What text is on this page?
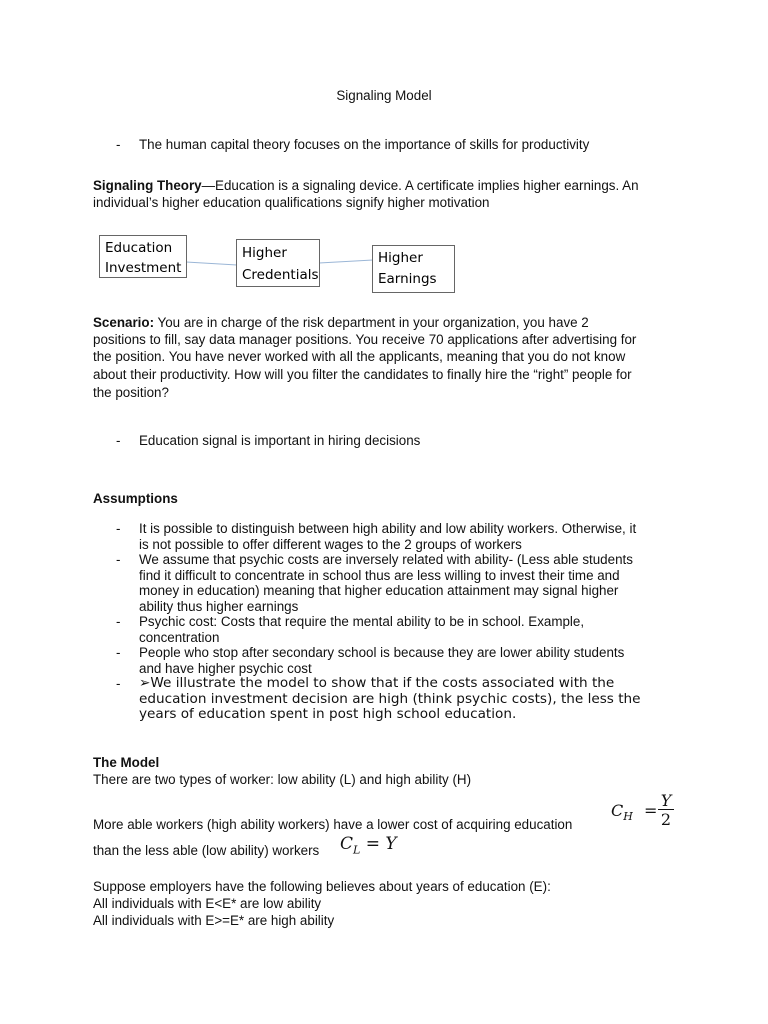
Signaling Model
- The human capital theory focuses on the importance of skills for productivity
Signaling Theory—Education is a signaling device. A certificate implies higher earnings. An
individual’s higher education qualifications signify higher motivation
Education
Investment
Higher
Credentials
Higher
Earnings
Scenario: You are in charge of the risk department in your organization, you have 2
positions to fill, say data manager positions. You receive 70 applications after advertising for
the position. You have never worked with all the applicants, meaning that you do not know
about their productivity. How will you filter the candidates to finally hire the “right” people for
the position?
- Education signal is important in hiring decisions
Assumptions
- It is possible to distinguish between high ability and low ability workers. Otherwise, it
is not possible to offer different wages to the 2 groups of workers
- We assume that psychic costs are inversely related with ability- (Less able students
find it difficult to concentrate in school thus are less willing to invest their time and
money in education) meaning that higher education attainment may signal higher
ability thus higher earnings
- Psychic cost: Costs that require the mental ability to be in school. Example,
concentration
- People who stop after secondary school is because they are lower ability students
and have higher psychic cost
- ➢We illustrate the model to show that if the costs associated with the
education investment decision are high (think psychic costs), the less the
years of education spent in post high school education.
The Model
There are two types of worker: low ability (L) and high ability (H)
$C_H$ =
Y
2
More able workers (high ability workers) have a lower cost of acquiring education
than the less able (low ability) workers $C_L = Y$
Suppose employers have the following believes about years of education (E):
All individuals with E<E* are low ability
All individuals with E>=E* are high ability
